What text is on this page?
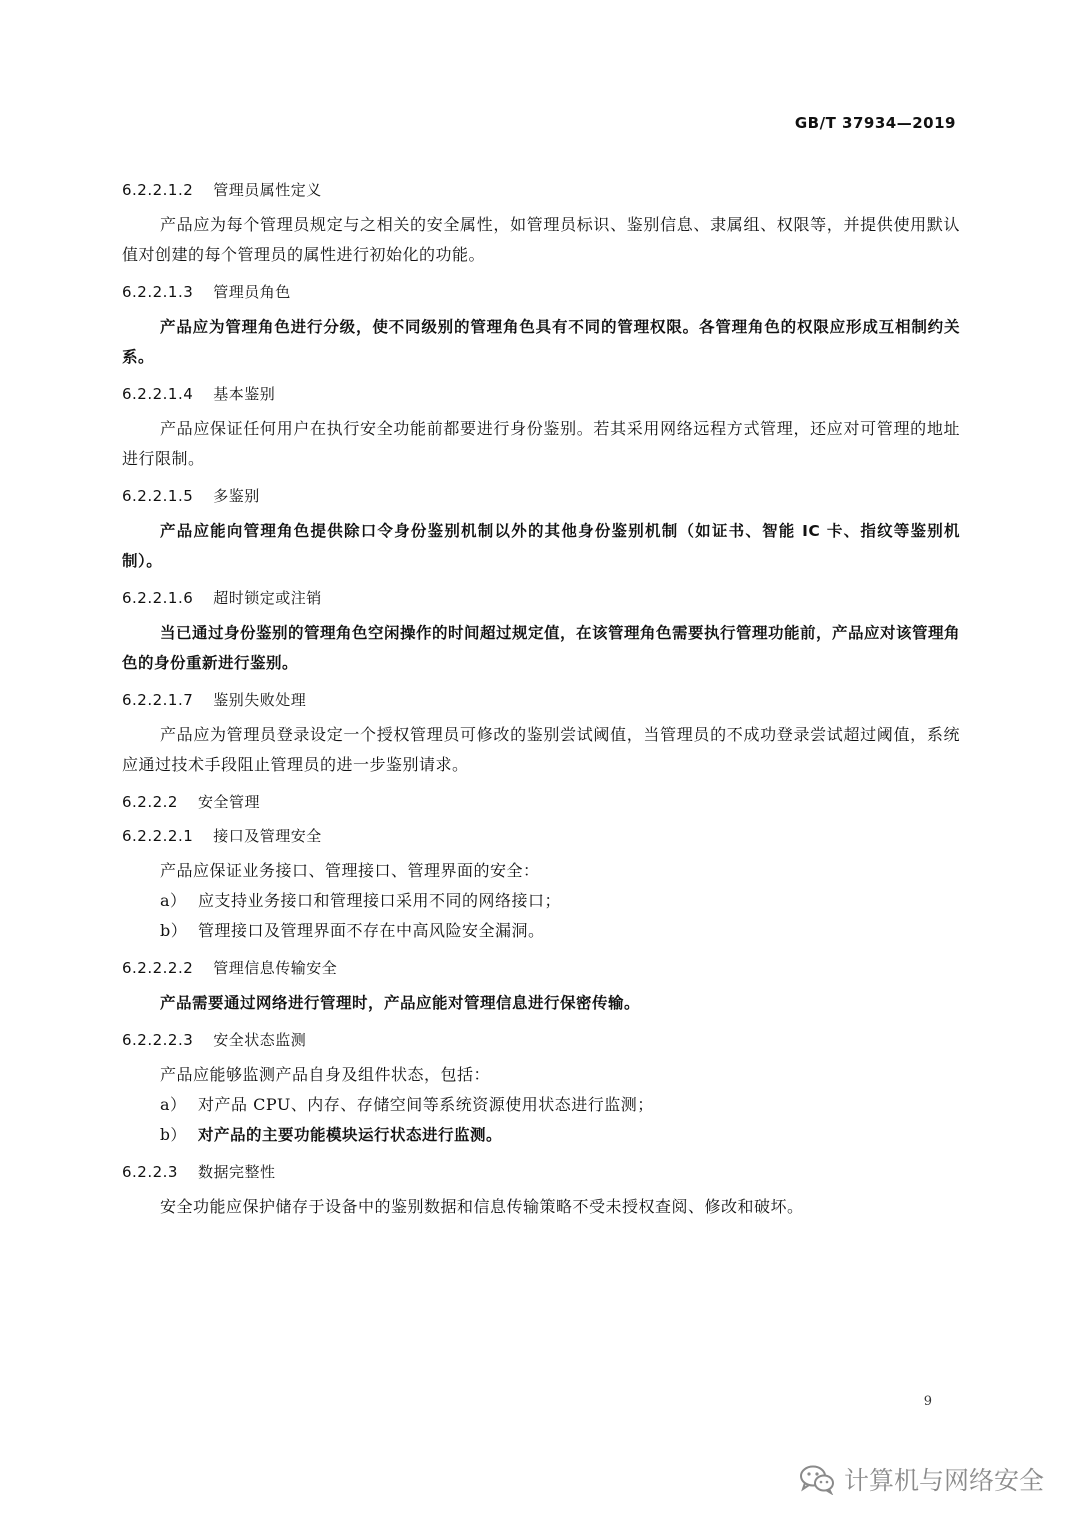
GB/T 37934—2019
6.2.2.1.2 管理员属性定义

产品应为每个管理员规定与之相关的安全属性，如管理员标识、鉴别信息、隶属组、权限等，并提供使用默认值对创建的每个管理员的属性进行初始化的功能。

6.2.2.1.3 管理员角色

产品应为管理角色进行分级，使不同级别的管理角色具有不同的管理权限。各管理角色的权限应形成互相制约关系。

6.2.2.1.4 基本鉴别

产品应保证任何用户在执行安全功能前都要进行身份鉴别。若其采用网络远程方式管理，还应对可管理的地址进行限制。

6.2.2.1.5 多鉴别

产品应能向管理角色提供除口令身份鉴别机制以外的其他身份鉴别机制（如证书、智能 IC 卡、指纹等鉴别机制）。

6.2.2.1.6 超时锁定或注销

当已通过身份鉴别的管理角色空闲操作的时间超过规定值，在该管理角色需要执行管理功能前，产品应对该管理角色的身份重新进行鉴别。

6.2.2.1.7 鉴别失败处理

产品应为管理员登录设定一个授权管理员可修改的鉴别尝试阈值，当管理员的不成功登录尝试超过阈值，系统应通过技术手段阻止管理员的进一步鉴别请求。

6.2.2.2 安全管理
6.2.2.2.1 接口及管理安全

产品应保证业务接口、管理接口、管理界面的安全：

a） 应支持业务接口和管理接口采用不同的网络接口；
b） 管理接口及管理界面不存在中高风险安全漏洞。
6.2.2.2.2 管理信息传输安全

产品需要通过网络进行管理时，产品应能对管理信息进行保密传输。

6.2.2.2.3 安全状态监测

产品应能够监测产品自身及组件状态，包括：

a） 对产品 CPU、内存、存储空间等系统资源使用状态进行监测；
b） 对产品的主要功能模块运行状态进行监测。
6.2.2.3 数据完整性

安全功能应保护储存于设备中的鉴别数据和信息传输策略不受未授权查阅、修改和破坏。

9
计算机与网络安全
